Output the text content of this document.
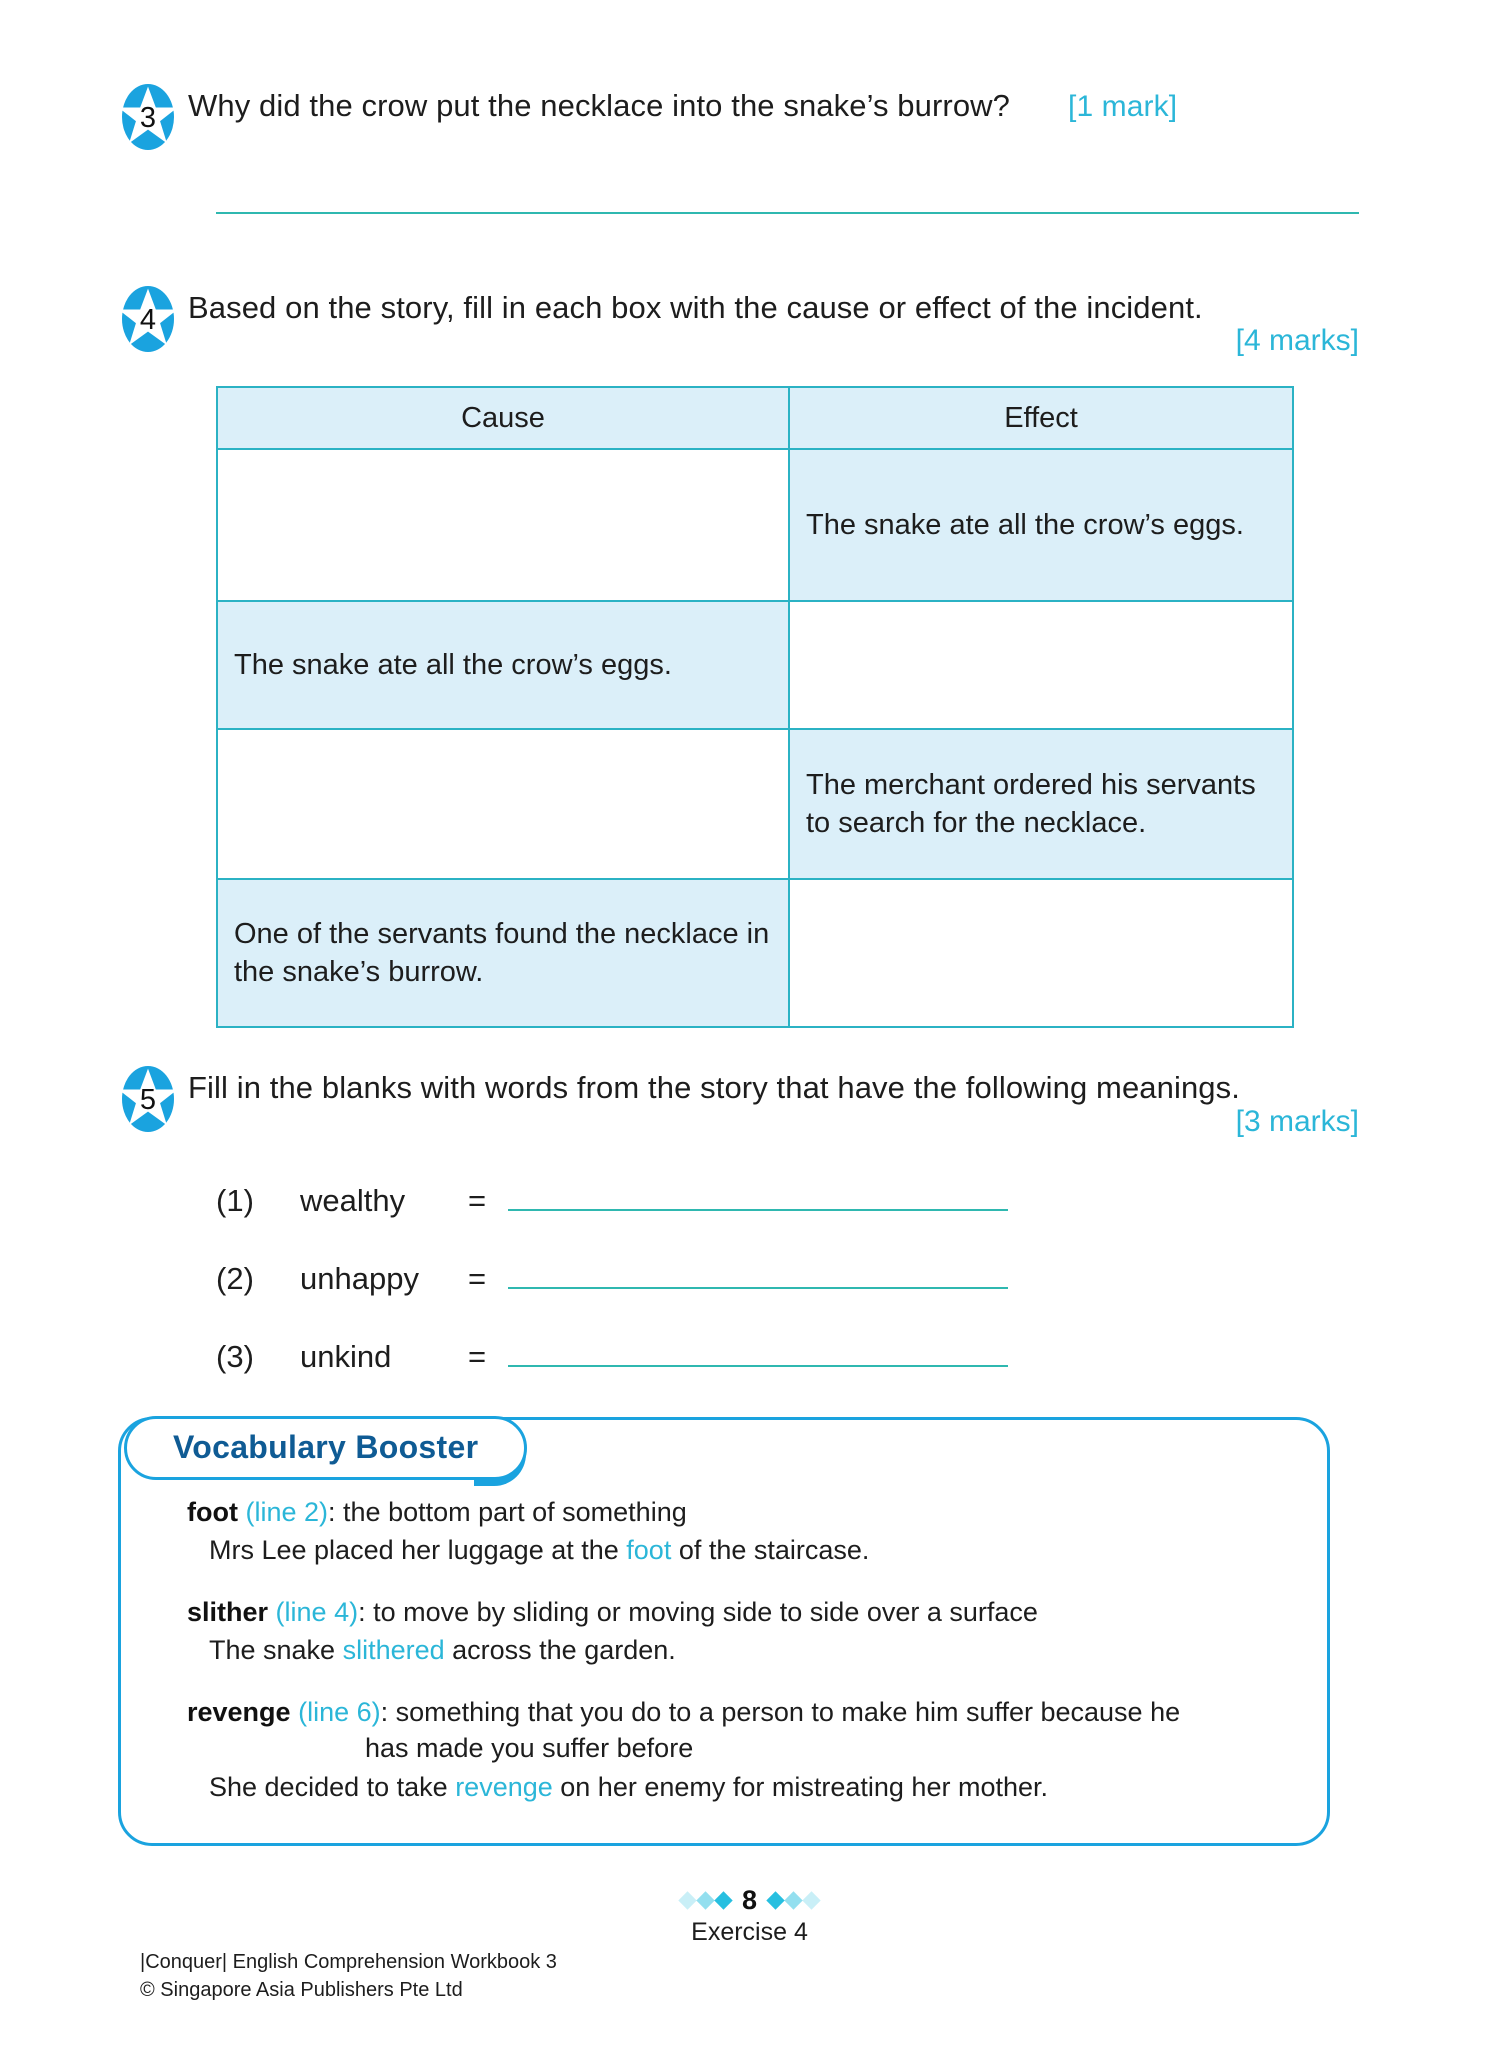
3	Why did the crow put the necklace into the snake’s burrow? [1 mark]
4	Based on the story, fill in each box with the cause or effect of the incident.
[4 marks]
Cause	Effect
	The snake ate all the crow’s eggs.
The snake ate all the crow’s eggs.	
	The merchant ordered his servants to search for the necklace.
One of the servants found the necklace in the snake’s burrow.	
5	Fill in the blanks with words from the story that have the following meanings.
[3 marks]
(1)	wealthy	=
(2)	unhappy	=
(3)	unkind	=
Vocabulary Booster
foot (line 2): the bottom part of something
Mrs Lee placed her luggage at the foot of the staircase.
slither (line 4): to move by sliding or moving side to side over a surface
The snake slithered across the garden.
revenge (line 6): something that you do to a person to make him suffer because he
has made you suffer before
She decided to take revenge on her enemy for mistreating her mother.
8
Exercise 4
|Conquer| English Comprehension Workbook 3
© Singapore Asia Publishers Pte Ltd
